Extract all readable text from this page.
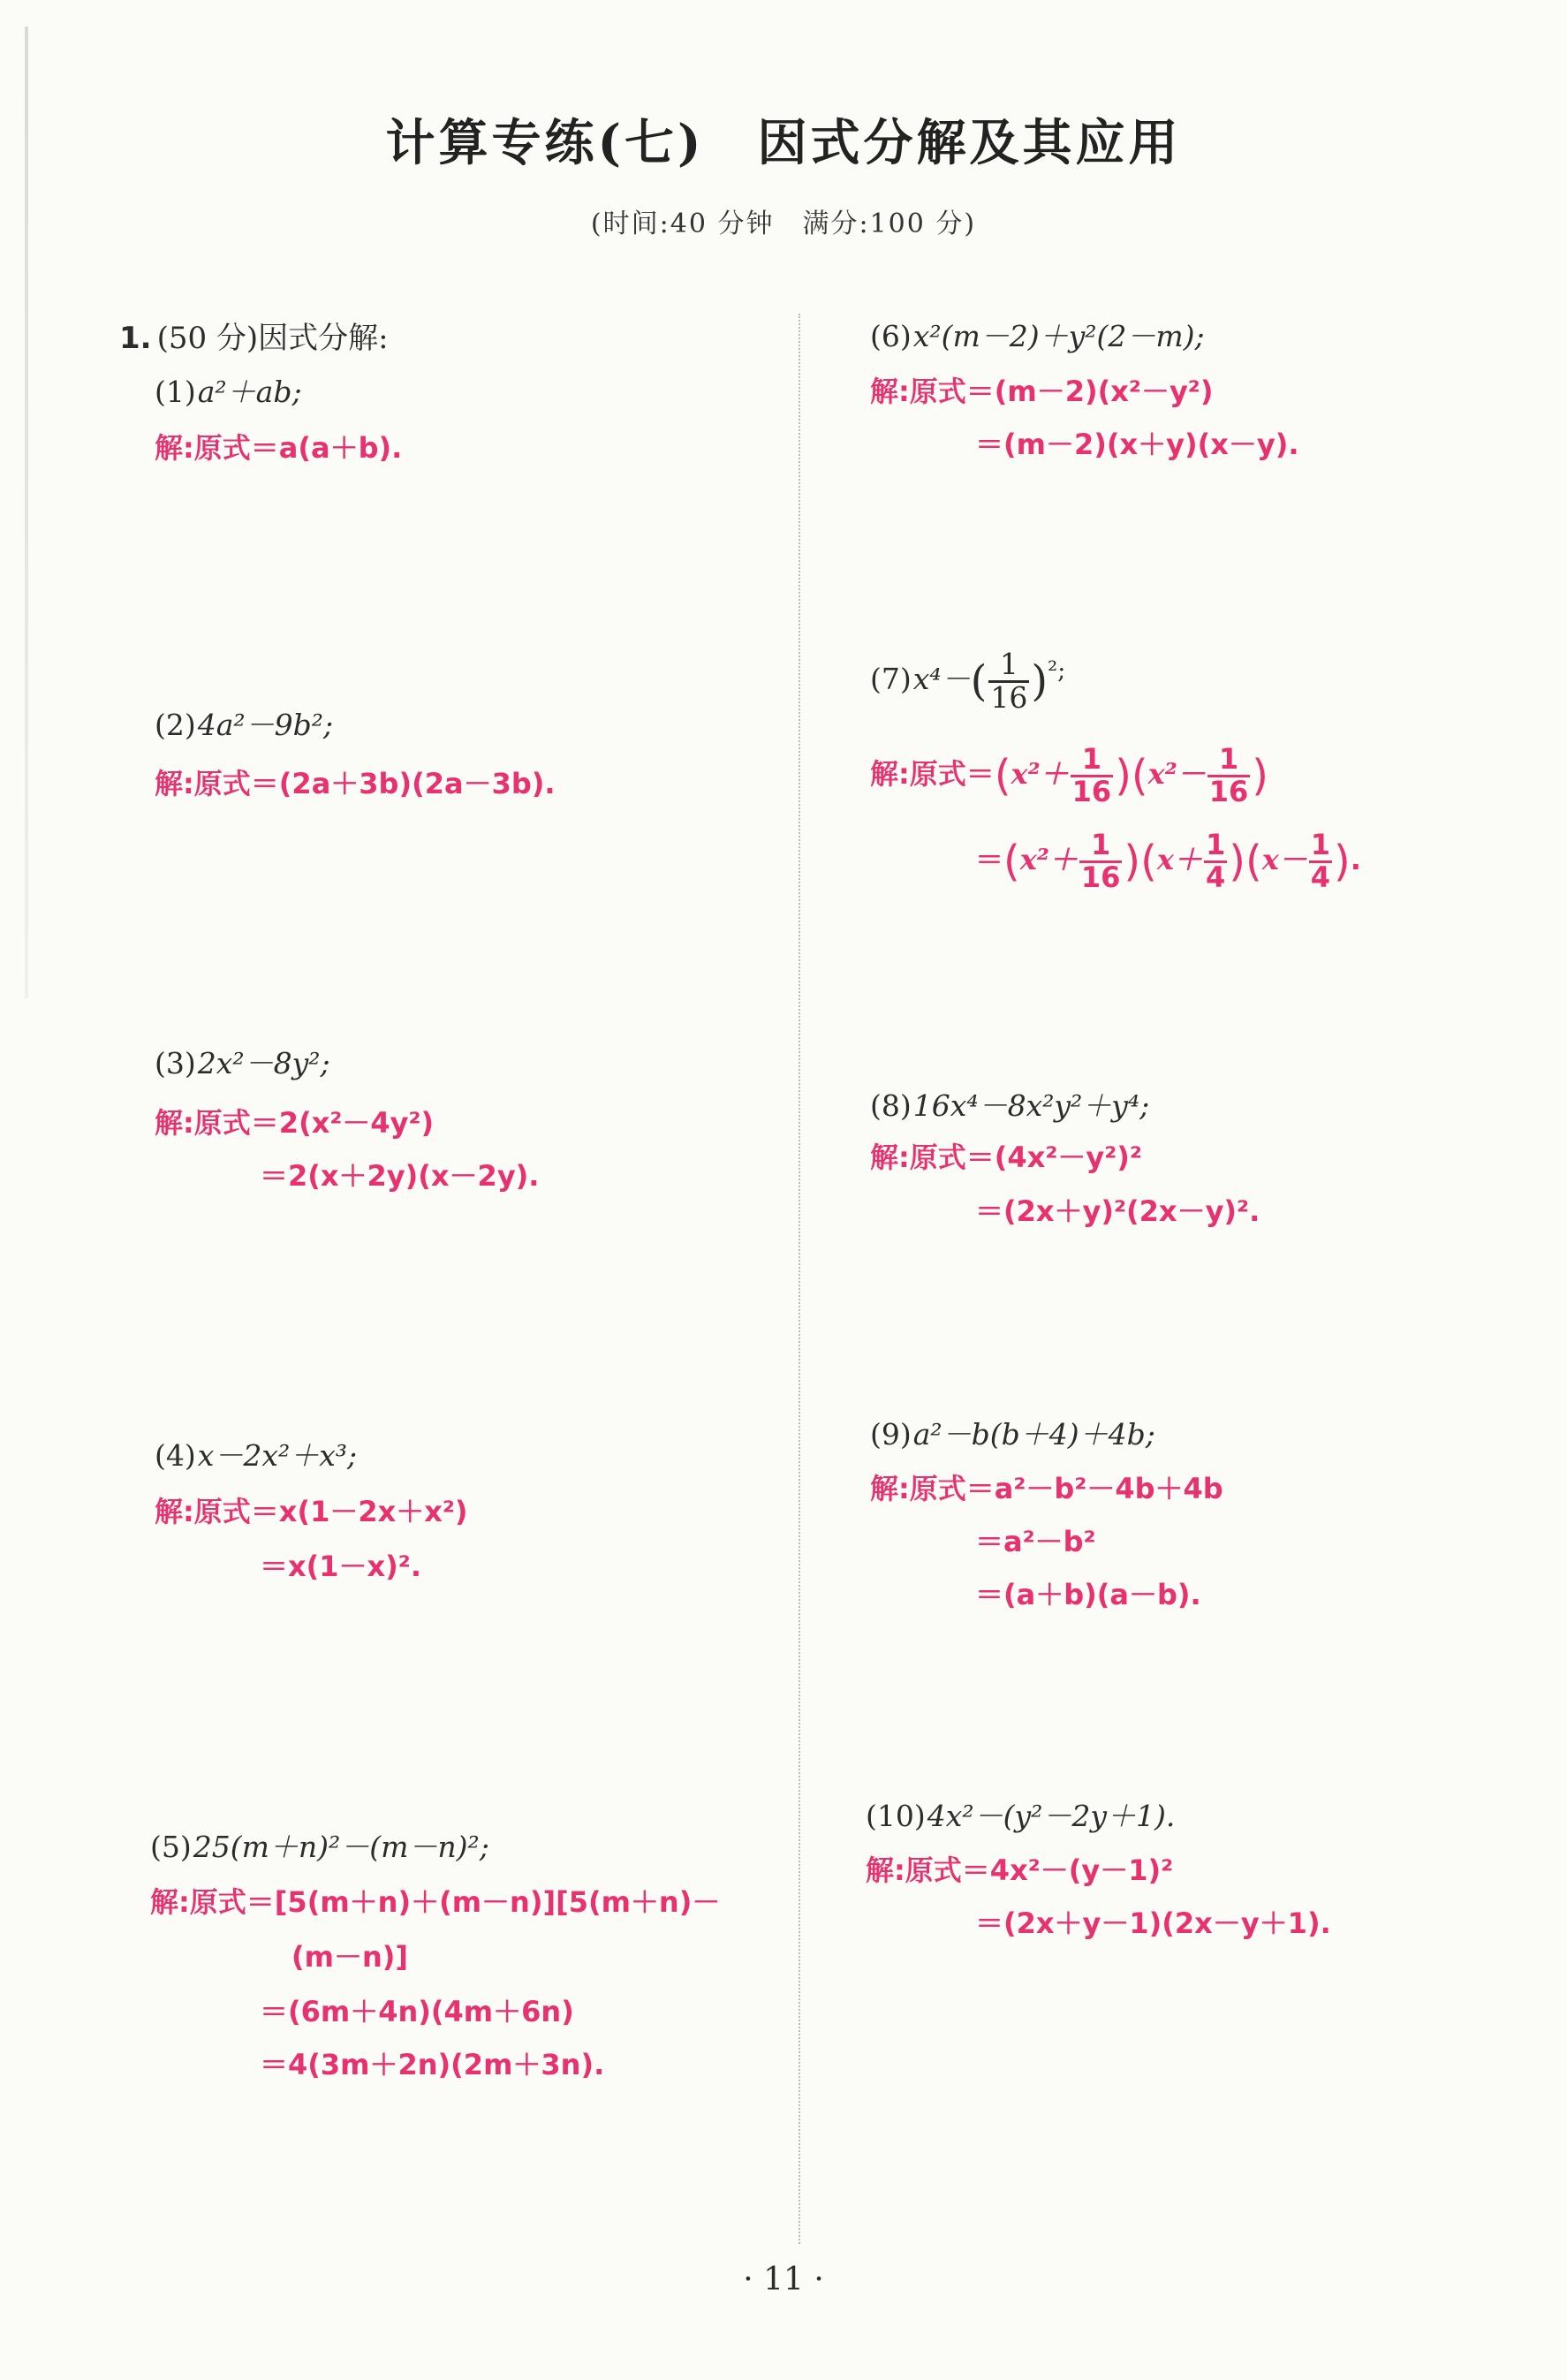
计算专练(七)　因式分解及其应用
(时间:40 分钟　满分:100 分)
1. (50 分)因式分解:
(1)a²＋ab;
解:原式＝a(a＋b).
(2)4a²－9b²;
解:原式＝(2a＋3b)(2a－3b).
(3)2x²－8y²;
解:原式＝2(x²－4y²)
＝2(x＋2y)(x－2y).
(4)x－2x²＋x³;
解:原式＝x(1－2x＋x²)
＝x(1－x)².
(5)25(m＋n)²－(m－n)²;
解:原式＝[5(m＋n)＋(m－n)][5(m＋n)－
(m－n)]
＝(6m＋4n)(4m＋6n)
＝4(3m＋2n)(2m＋3n).
(6)x²(m－2)＋y²(2－m);
解:原式＝(m－2)(x²－y²)
＝(m－2)(x＋y)(x－y).
$(7)x^4-( \frac{1}{16} )^{^2;}$
解:原式$=(x^2+ \frac{1}{16} )(x^2- \frac{1}{16}$ )
$=(x^2+ \frac{1}{16} )(x+ \frac{1}{4} )(x- \frac{1}{4}$ ).
(8)16x⁴－8x²y²＋y⁴;
解:原式＝(4x²－y²)²
＝(2x＋y)²(2x－y)².
(9)a²－b(b＋4)＋4b;
解:原式＝a²－b²－4b＋4b
＝a²－b²
＝(a＋b)(a－b).
(10)4x²－(y²－2y＋1).
解:原式＝4x²－(y－1)²
＝(2x＋y－1)(2x－y＋1).
· 11 ·
